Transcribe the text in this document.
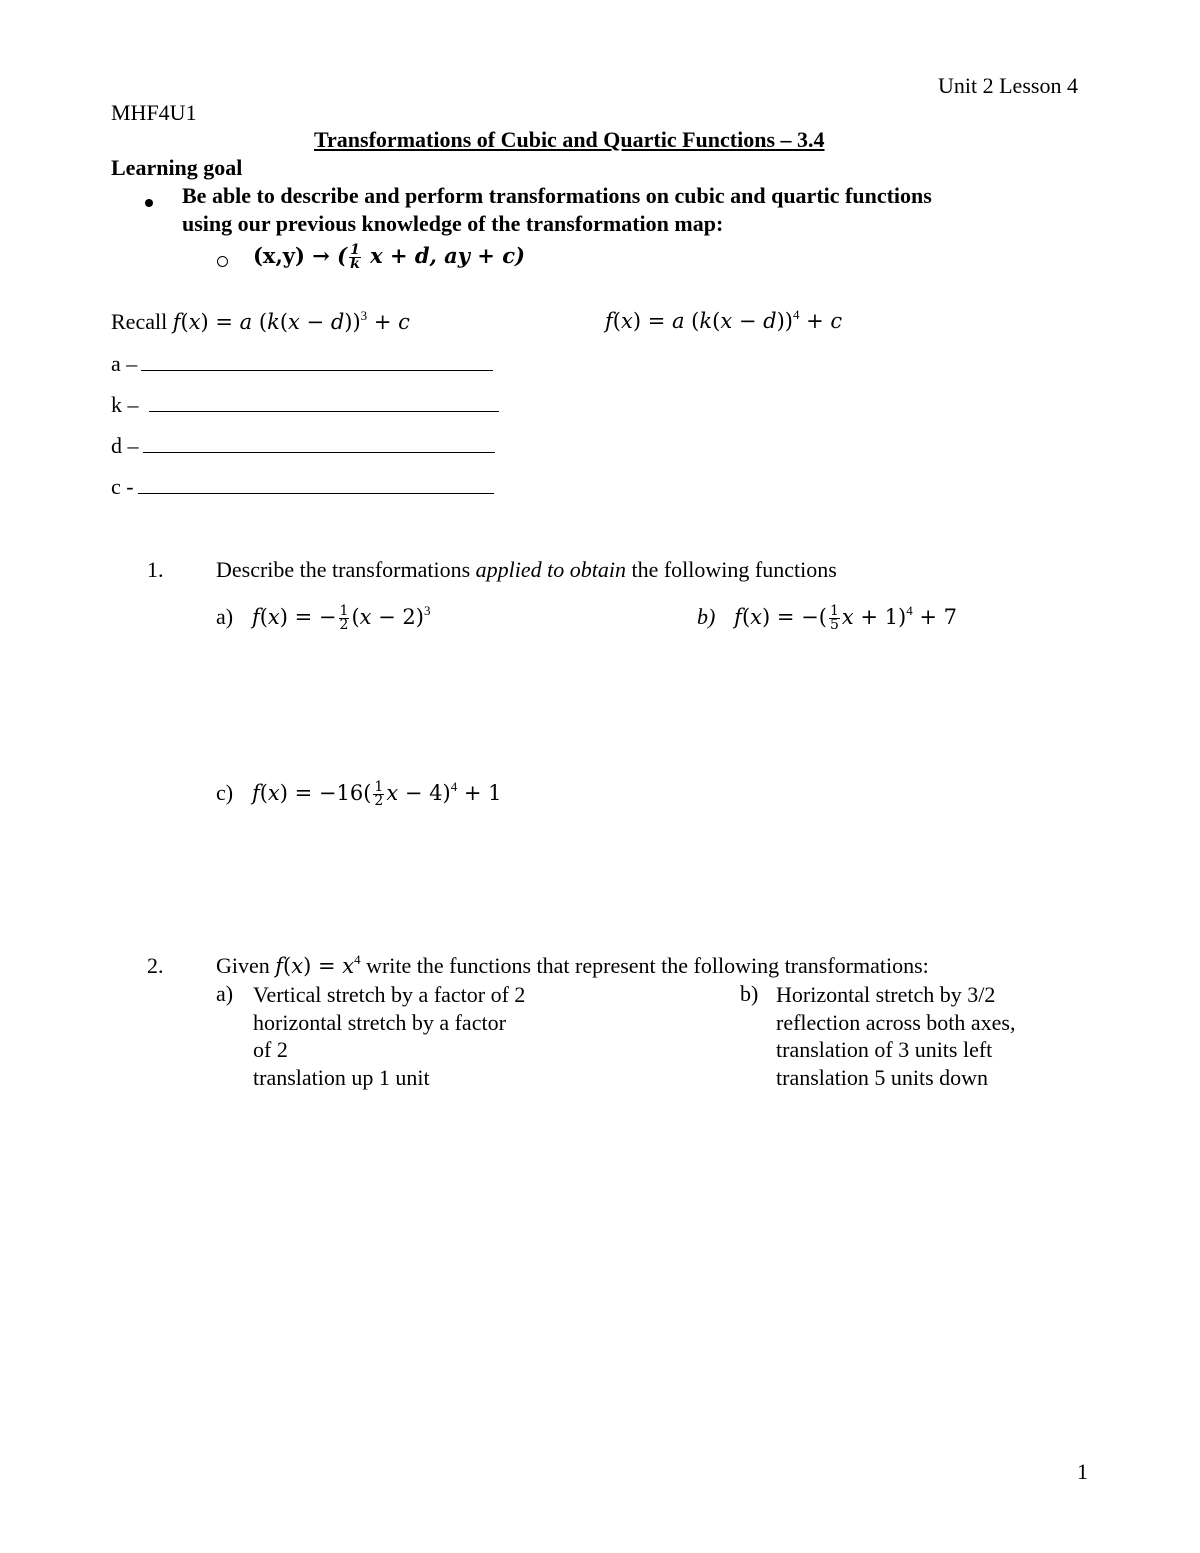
Unit 2 Lesson 4
MHF4U1
Transformations of Cubic and Quartic Functions – 3.4
Learning goal
Be able to describe and perform transformations on cubic and quartic functions
using our previous knowledge of the transformation map:
(x,y) → ( $\frac{1}{k}$ x + d, ay + c)
Recall f(x) = a $(k(x - d))^3 + c$	f(x) = a $(k(x - d))^4 + c$
a –
k –
d –
c -
1. Describe the transformations applied to obtain the following functions
a)   f(x) = − $\frac{1}{2} (x - 2)^3$	b)   f(x) = −( $\frac{1}{5}$ x + 1)$^4$ + 7
c)   $f(x) = -16( \frac{1}{2}$ $x - 4)^4 + 1$
2. Given $f(x) = x^4$ write the functions that represent the following transformations:
a) Vertical stretch by a factor of 2
horizontal stretch by a factor
of 2
translation up 1 unit
b) Horizontal stretch by 3/2
reflection across both axes,
translation of 3 units left
translation 5 units down
1
